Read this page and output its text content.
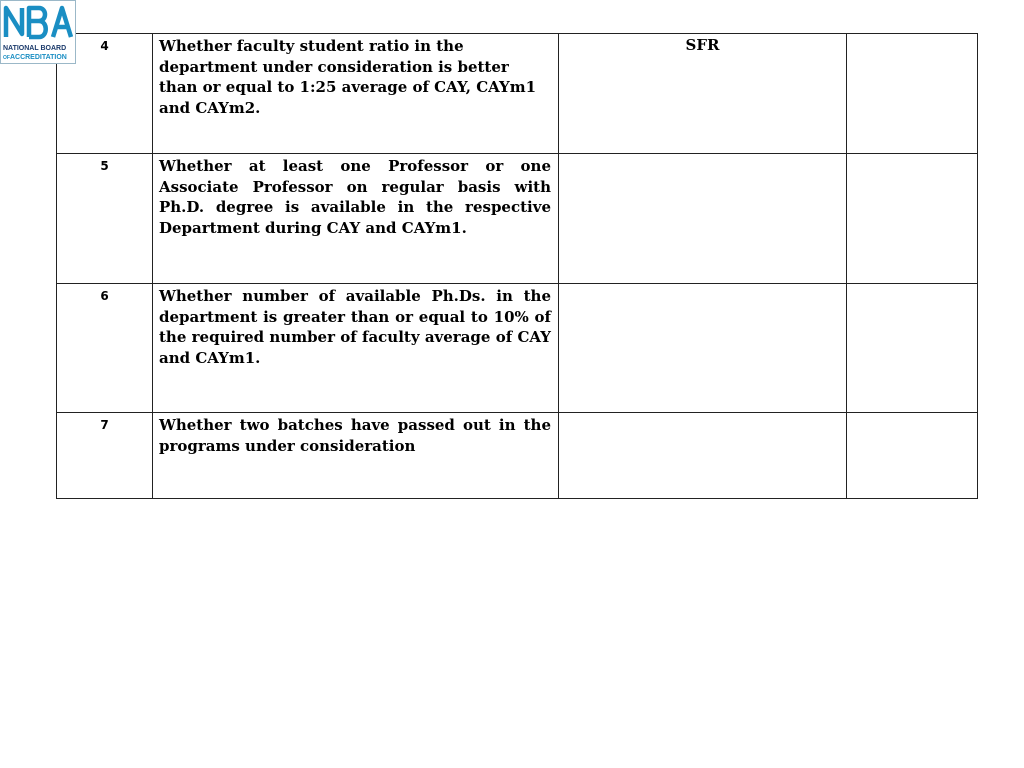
NATIONAL BOARD
OFACCREDITATION
4	Whether faculty student ratio in the department under consideration is better than or equal to 1:25 average of CAY, CAYm1 and CAYm2.	SFR	
5	Whether at least one Professor or one Associate Professor on regular basis with Ph.D. degree is available in the respective Department during CAY and CAYm1.		
6	Whether number of available Ph.Ds. in the department is greater than or equal to 10% of the required number of faculty average of CAY and CAYm1.		
7	Whether two batches have passed out in the programs under consideration		
